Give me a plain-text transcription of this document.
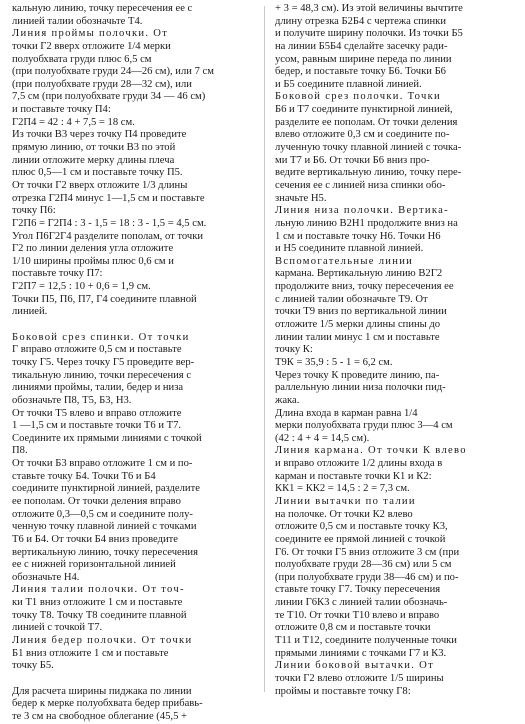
кальную линию, точку пересечения ее с
линией талии обозначьте Т4.
Линия проймы полочки. От
точки Г2 вверх отложите 1/4 мерки
полуобхвата груди плюс 6,5 см
(при полуобхвате груди 24—26 см), или 7 см
(при полуобхвате груди 28—32 см), или
7,5 см (при полуобхвате груди 34 — 46 см)
и поставьте точку П4:
Г2П4 = 42 : 4 + 7,5 = 18 см.
Из точки В3 через точку П4 проведите
прямую линию, от точки В3 по этой
линии отложите мерку длины плеча
плюс 0,5—1 см и поставьте точку П5.
От точки Г2 вверх отложите 1/3 длины
отрезка Г2П4 минус 1—1,5 см и поставьте
точку П6:
Г2П6 = Г2П4 : 3 - 1,5 = 18 : 3 - 1,5 = 4,5 см.
Угол П6Г2Г4 разделите пополам, от точки
Г2 по линии деления угла отложите
1/10 ширины проймы плюс 0,6 см и
поставьте точку П7:
Г2П7 = 12,5 : 10 + 0,6 = 1,9 см.
Точки П5, П6, П7, Г4 соедините плавной
линией.
Боковой срез спинки. От точки
Г вправо отложите 0,5 см и поставьте
точку Г5. Через точку Г5 проведите вер-
тикальную линию, точки пересечения с
линиями проймы, талии, бедер и низа
обозначьте П8, Т5, Б3, Н3.
От точки Т5 влево и вправо отложите
1 —1,5 см и поставьте точки Т6 и Т7.
Соедините их прямыми линиями с точкой
П8.
От точки Б3 вправо отложите 1 см и по-
ставьте точку Б4. Точки Т6 и Б4
соедините пунктирной линией, разделите
ее пополам. От точки деления вправо
отложите 0,3—0,5 см и соедините полу-
ченную точку плавной линией с точками
Т6 и Б4. От точки Б4 вниз проведите
вертикальную линию, точку пересечения
ее с нижней горизонтальной линией
обозначьте Н4.
Линия талии полочки. От точ-
ки Т1 вниз отложите 1 см и поставьте
точку Т8. Точку Т8 соедините плавной
линией с точкой Т7.
Линия бедер полочки. От точки
Б1 вниз отложите 1 см и поставьте
точку Б5.
Для расчета ширины пиджака по линии
бедер к мерке полуобхвата бедер прибавь-
те 3 см на свободное облегание (45,5 +
+ 3 = 48,3 см). Из этой величины вычтите
длину отрезка Б2Б4 с чертежа спинки
и получите ширину полочки. Из точки Б5
на линии Б5Б4 сделайте засечку ради-
усом, равным ширине переда по линии
бедер, и поставьте точку Б6. Точки Б6
и Б5 соедините плавной линией.
Боковой срез полочки. Точки
Б6 и Т7 соедините пунктирной линией,
разделите ее пополам. От точки деления
влево отложите 0,3 см и соедините по-
лученную точку плавной линией с точка-
ми Т7 и Б6. От точки Б6 вниз про-
ведите вертикальную линию, точку пере-
сечения ее с линией низа спинки обо-
значьте Н5.
Линия низа полочки. Вертика-
льную линию В2Н1 продолжите вниз на
1 см и поставьте точку Н6. Точки Н6
и Н5 соедините плавной линией.
Вспомогательные линии
кармана. Вертикальную линию В2Г2
продолжите вниз, точку пересечения ее
с линией талии обозначьте Т9. От
точки Т9 вниз по вертикальной линии
отложите 1/5 мерки длины спины до
линии талии минус 1 см и поставьте
точку К:
Т9К = 35,9 : 5 - 1 = 6,2 см.
Через точку К проведите линию, па-
раллельную линии низа полочки пид-
жака.
Длина входа в карман равна 1/4
мерки полуобхвата груди плюс 3—4 см
(42 : 4 + 4 = 14,5 см).
Линия кармана. От точки К влево
и вправо отложите 1/2 длины входа в
карман и поставьте точки К1 и К2:
КК1 = КК2 = 14,5 : 2 = 7,3 см.
Линии вытачки по талии
на полочке. От точки К2 влево
отложите 0,5 см и поставьте точку К3,
соедините ее прямой линией с точкой
Г6. От точки Г5 вниз отложите 3 см (при
полуобхвате груди 28—36 см) или 5 см
(при полуобхвате груди 38—46 см) и по-
ставьте точку Г7. Точку пересечения
линии Г6К3 с линией талии обозначь-
те Т10. От точки Т10 влево и вправо
отложите 0,8 см и поставьте точки
Т11 и Т12, соедините полученные точки
прямыми линиями с точками Г7 и К3.
Линии боковой вытачки. От
точки Г2 влево отложите 1/5 ширины
проймы и поставьте точку Г8:
